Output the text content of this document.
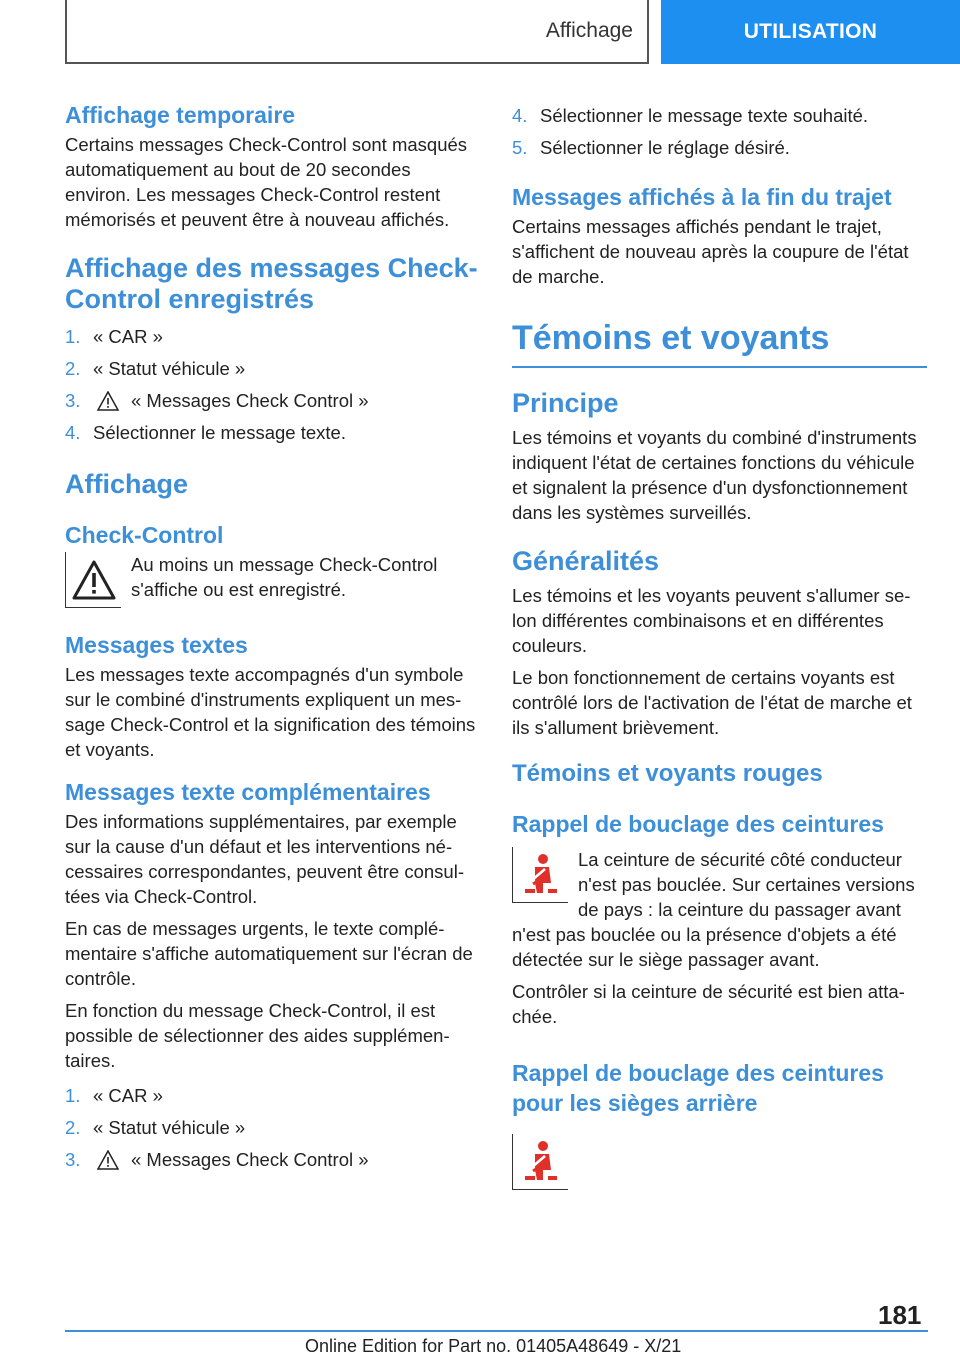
Affichage	UTILISATION
Affichage temporaire

Certains messages Check-Control sont masqués automatiquement au bout de 20 secondes environ. Les messages Check-Control restent mémorisés et peuvent être à nouveau affichés.

Affichage des messages Check-
Control enregistrés
1. « CAR »
2. « Statut véhicule »
3.	« Messages Check Control »
4. Sélectionner le message texte.
Affichage
Check-Control

Au moins un message Check-Control s'affiche ou est enregistré.

Messages textes

Les messages texte accompagnés d'un symbole sur le combiné d'instruments expliquent un message Check-Control et la signification des témoins et voyants.

Messages texte complémentaires

Des informations supplémentaires, par exemple sur la cause d'un défaut et les interventions nécessaires correspondantes, peuvent être consultées via Check-Control.

En cas de messages urgents, le texte complémentaire s'affiche automatiquement sur l'écran de contrôle.

En fonction du message Check-Control, il est possible de sélectionner des aides supplémentaires.

1. « CAR »
2. « Statut véhicule »
3.	« Messages Check Control »
4. Sélectionner le message texte souhaité.
5. Sélectionner le réglage désiré.
Messages affichés à la fin du trajet

Certains messages affichés pendant le trajet, s'affichent de nouveau après la coupure de l'état de marche.

Témoins et voyants
Principe

Les témoins et voyants du combiné d'instruments indiquent l'état de certaines fonctions du véhicule et signalent la présence d'un dysfonctionnement dans les systèmes surveillés.

Généralités

Les témoins et les voyants peuvent s'allumer selon différentes combinaisons et en différentes couleurs.

Le bon fonctionnement de certains voyants est contrôlé lors de l'activation de l'état de marche et ils s'allument brièvement.

Témoins et voyants rouges
Rappel de bouclage des ceintures

La ceinture de sécurité côté conducteur n'est pas bouclée. Sur certaines versions de pays : la ceinture du passager avant

n'est pas bouclée ou la présence d'objets a été détectée sur le siège passager avant.

Contrôler si la ceinture de sécurité est bien attachée.

Rappel de bouclage des ceintures
pour les sièges arrière
181
Online Edition for Part no. 01405A48649 - X/21
